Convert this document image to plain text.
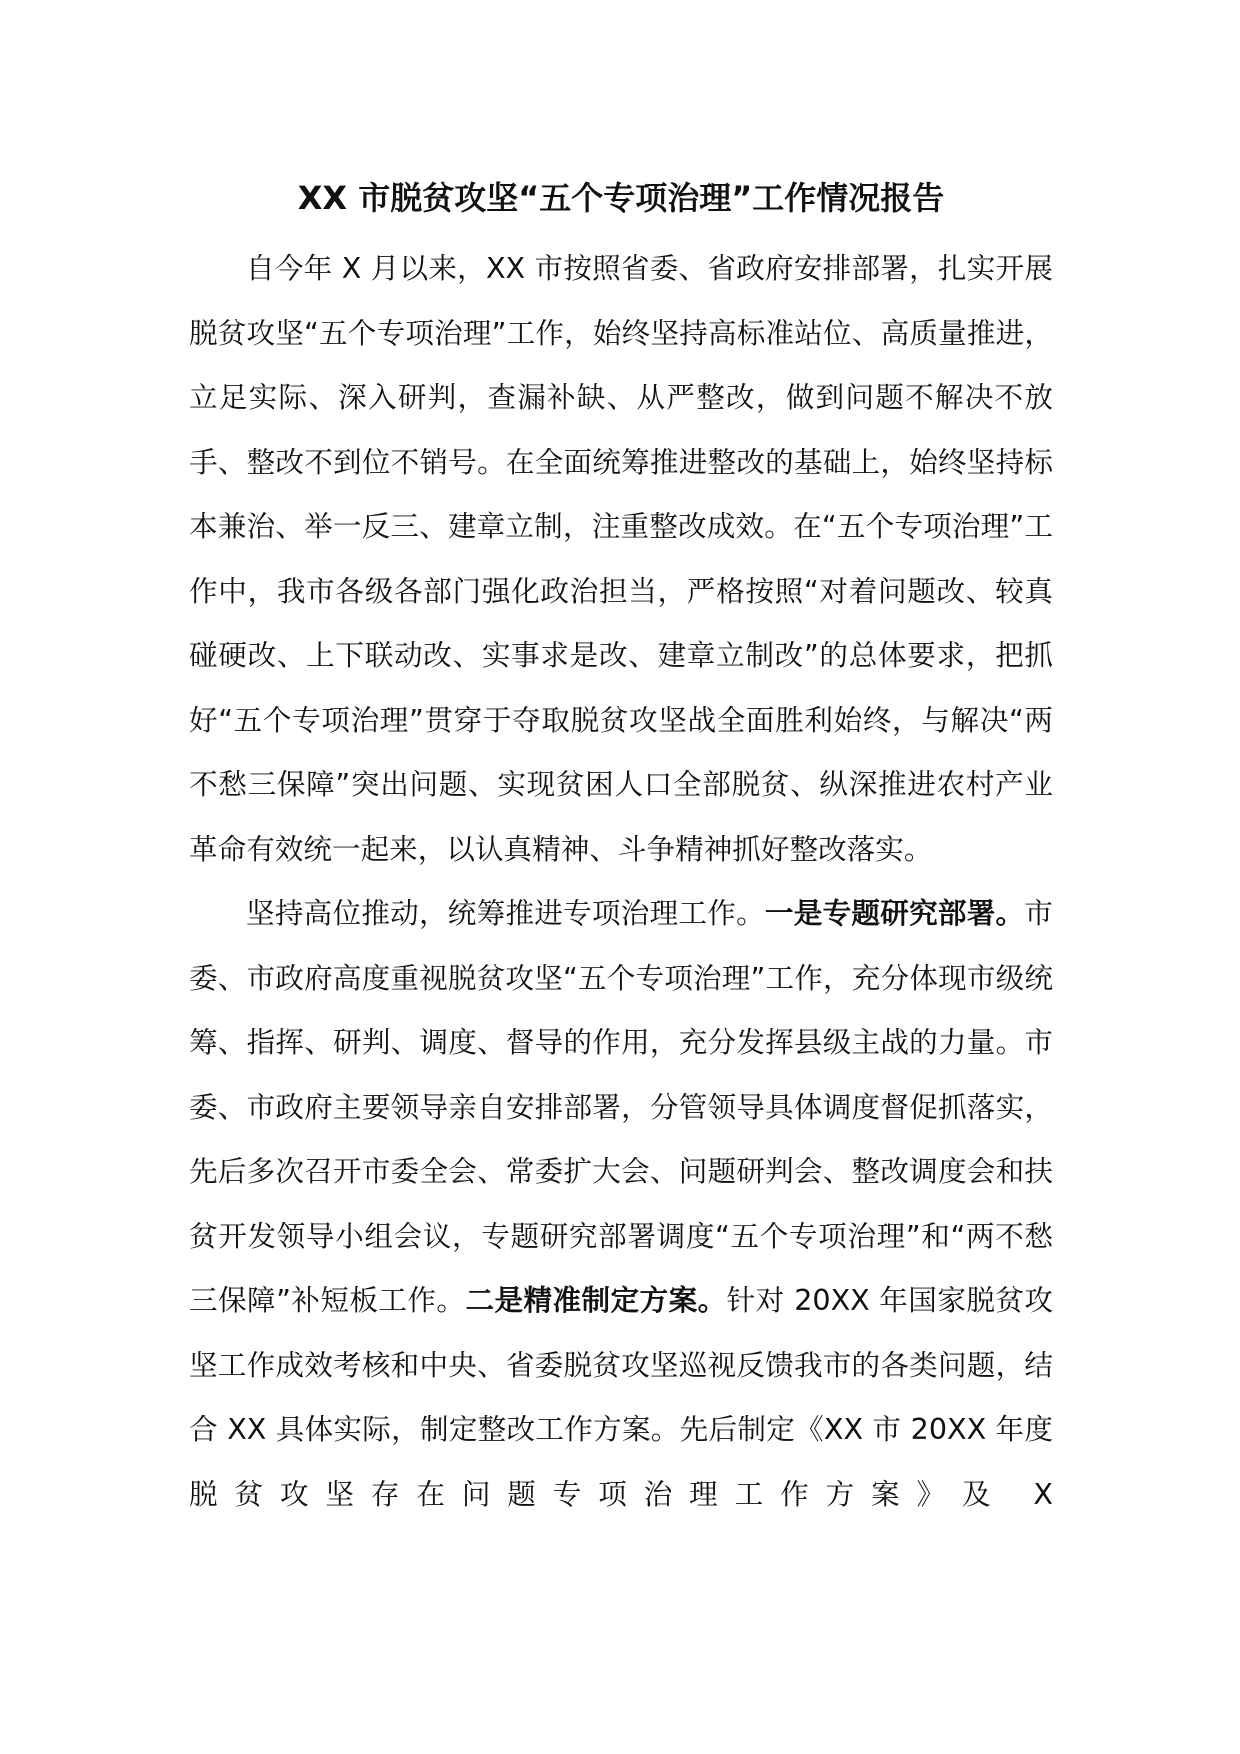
XX 市脱贫攻坚“五个专项治理”工作情况报告

自今年 X 月以来，XX 市按照省委、省政府安排部署，扎实开展脱贫攻坚“五个专项治理”工作，始终坚持高标准站位、高质量推进，立足实际、深入研判，查漏补缺、从严整改，做到问题不解决不放手、整改不到位不销号。在全面统筹推进整改的基础上，始终坚持标本兼治、举一反三、建章立制，注重整改成效。在“五个专项治理”工作中，我市各级各部门强化政治担当，严格按照“对着问题改、较真碰硬改、上下联动改、实事求是改、建章立制改”的总体要求，把抓好“五个专项治理”贯穿于夺取脱贫攻坚战全面胜利始终，与解决“两不愁三保障”突出问题、实现贫困人口全部脱贫、纵深推进农村产业革命有效统一起来，以认真精神、斗争精神抓好整改落实。

坚持高位推动，统筹推进专项治理工作。一是专题研究部署。市委、市政府高度重视脱贫攻坚“五个专项治理”工作，充分体现市级统筹、指挥、研判、调度、督导的作用，充分发挥县级主战的力量。市委、市政府主要领导亲自安排部署，分管领导具体调度督促抓落实，先后多次召开市委全会、常委扩大会、问题研判会、整改调度会和扶贫开发领导小组会议，专题研究部署调度“五个专项治理”和“两不愁三保障”补短板工作。二是精准制定方案。针对 20XX 年国家脱贫攻坚工作成效考核和中央、省委脱贫攻坚巡视反馈我市的各类问题，结合 XX 具体实际，制定整改工作方案。先后制定《XX 市 20XX 年度脱贫攻坚存在问题专项治理工作方案》及 X
